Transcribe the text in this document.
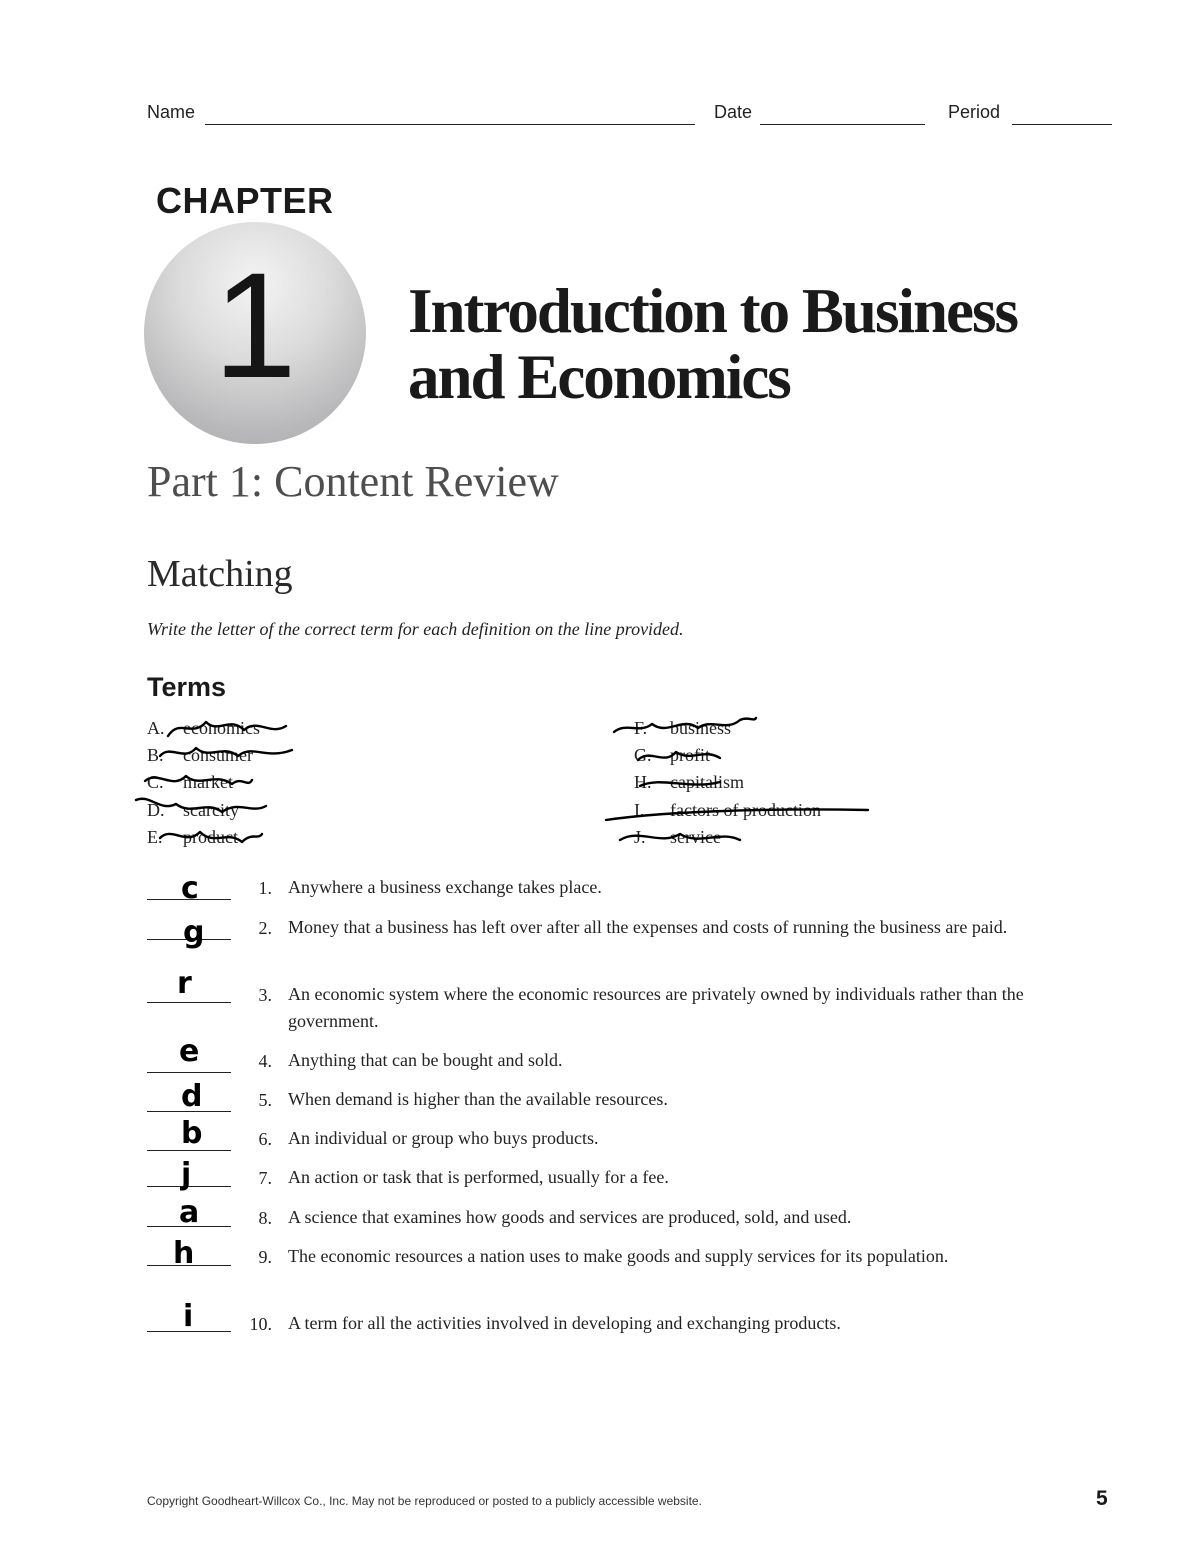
Name	Date	Period
CHAPTER
1	Introduction to Business
and Economics
Part 1: Content Review
Matching
Write the letter of the correct term for each definition on the line provided.
Terms
A. economics
B. consumer
C. market
D. scarcity
E. product
F. business
G. profit
H. capitalism
I. factors of production
J. service
c	1. Anywhere a business exchange takes place.
g	2. Money that a business has left over after all the expenses and costs of running the business are paid.
r	3. An economic system where the economic resources are privately owned by individuals rather than the government.
e	4. Anything that can be bought and sold.
d	5. When demand is higher than the available resources.
b	6. An individual or group who buys products.
j	7. An action or task that is performed, usually for a fee.
a	8. A science that examines how goods and services are produced, sold, and used.
h	9. The economic resources a nation uses to make goods and supply services for its population.
i	10. A term for all the activities involved in developing and exchanging products.
Copyright Goodheart-Willcox Co., Inc. May not be reproduced or posted to a publicly accessible website.	5
